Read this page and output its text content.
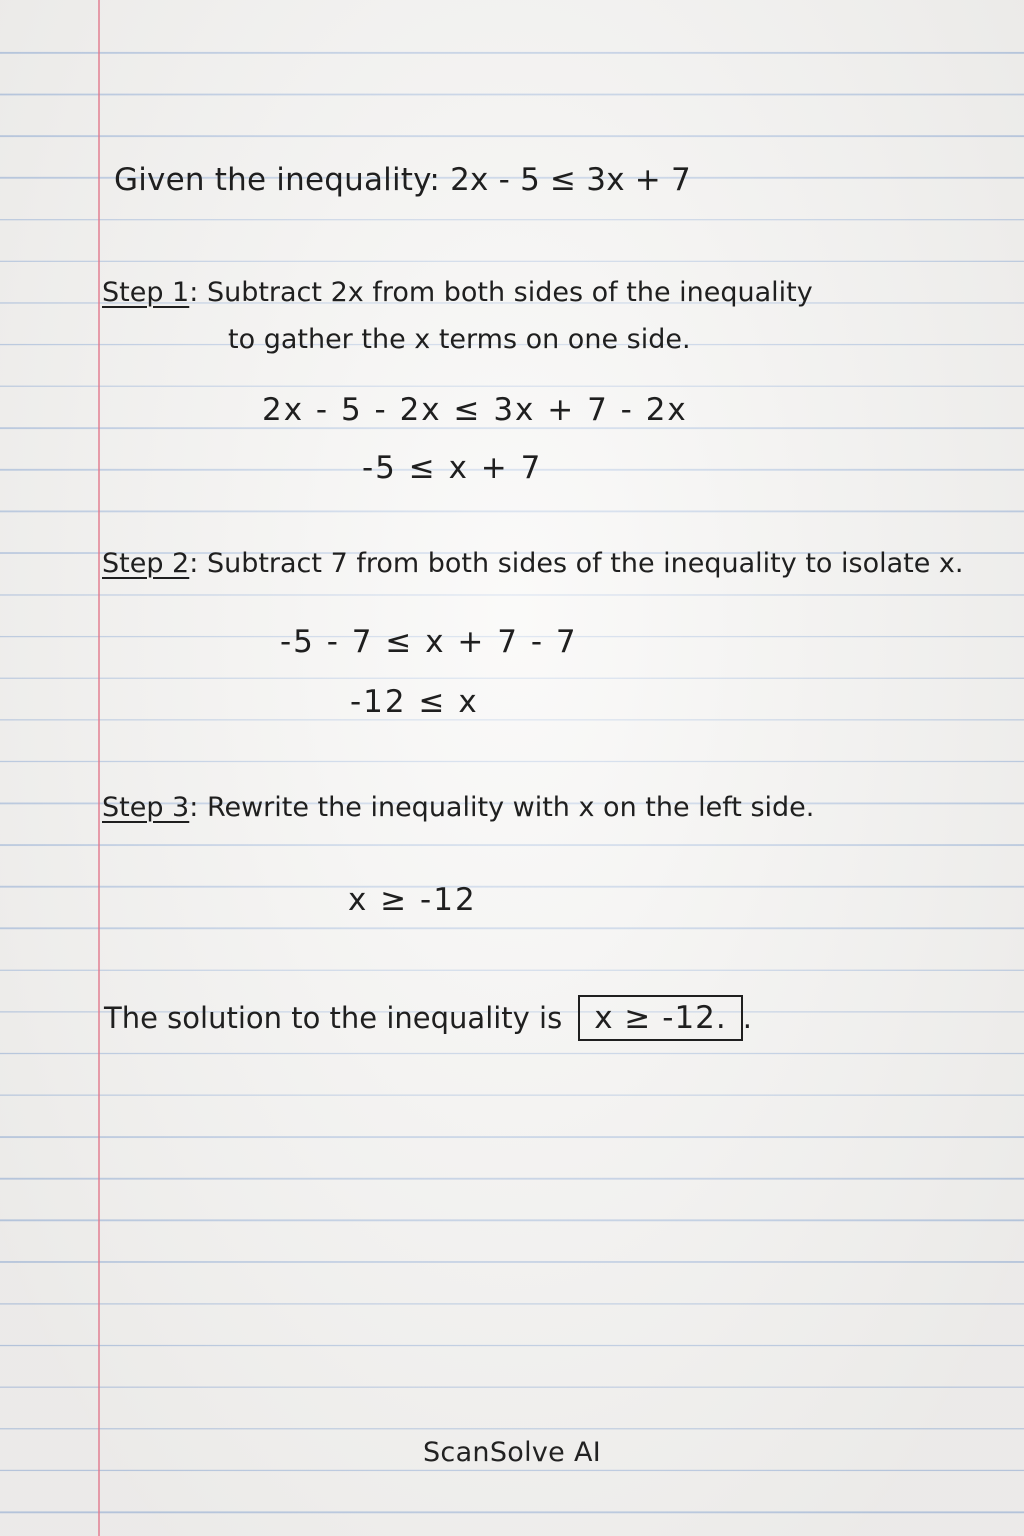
Given the inequality: 2x - 5 ≤ 3x + 7
Step 1: Subtract 2x from both sides of the inequality
to gather the x terms on one side.
2x - 5 - 2x ≤ 3x + 7 - 2x
-5 ≤ x + 7
Step 2: Subtract 7 from both sides of the inequality to isolate x.
-5 - 7 ≤ x + 7 - 7
-12 ≤ x
Step 3: Rewrite the inequality with x on the left side.
x ≥ -12
The solution to the inequality is x ≥ -12. .
ScanSolve AI
